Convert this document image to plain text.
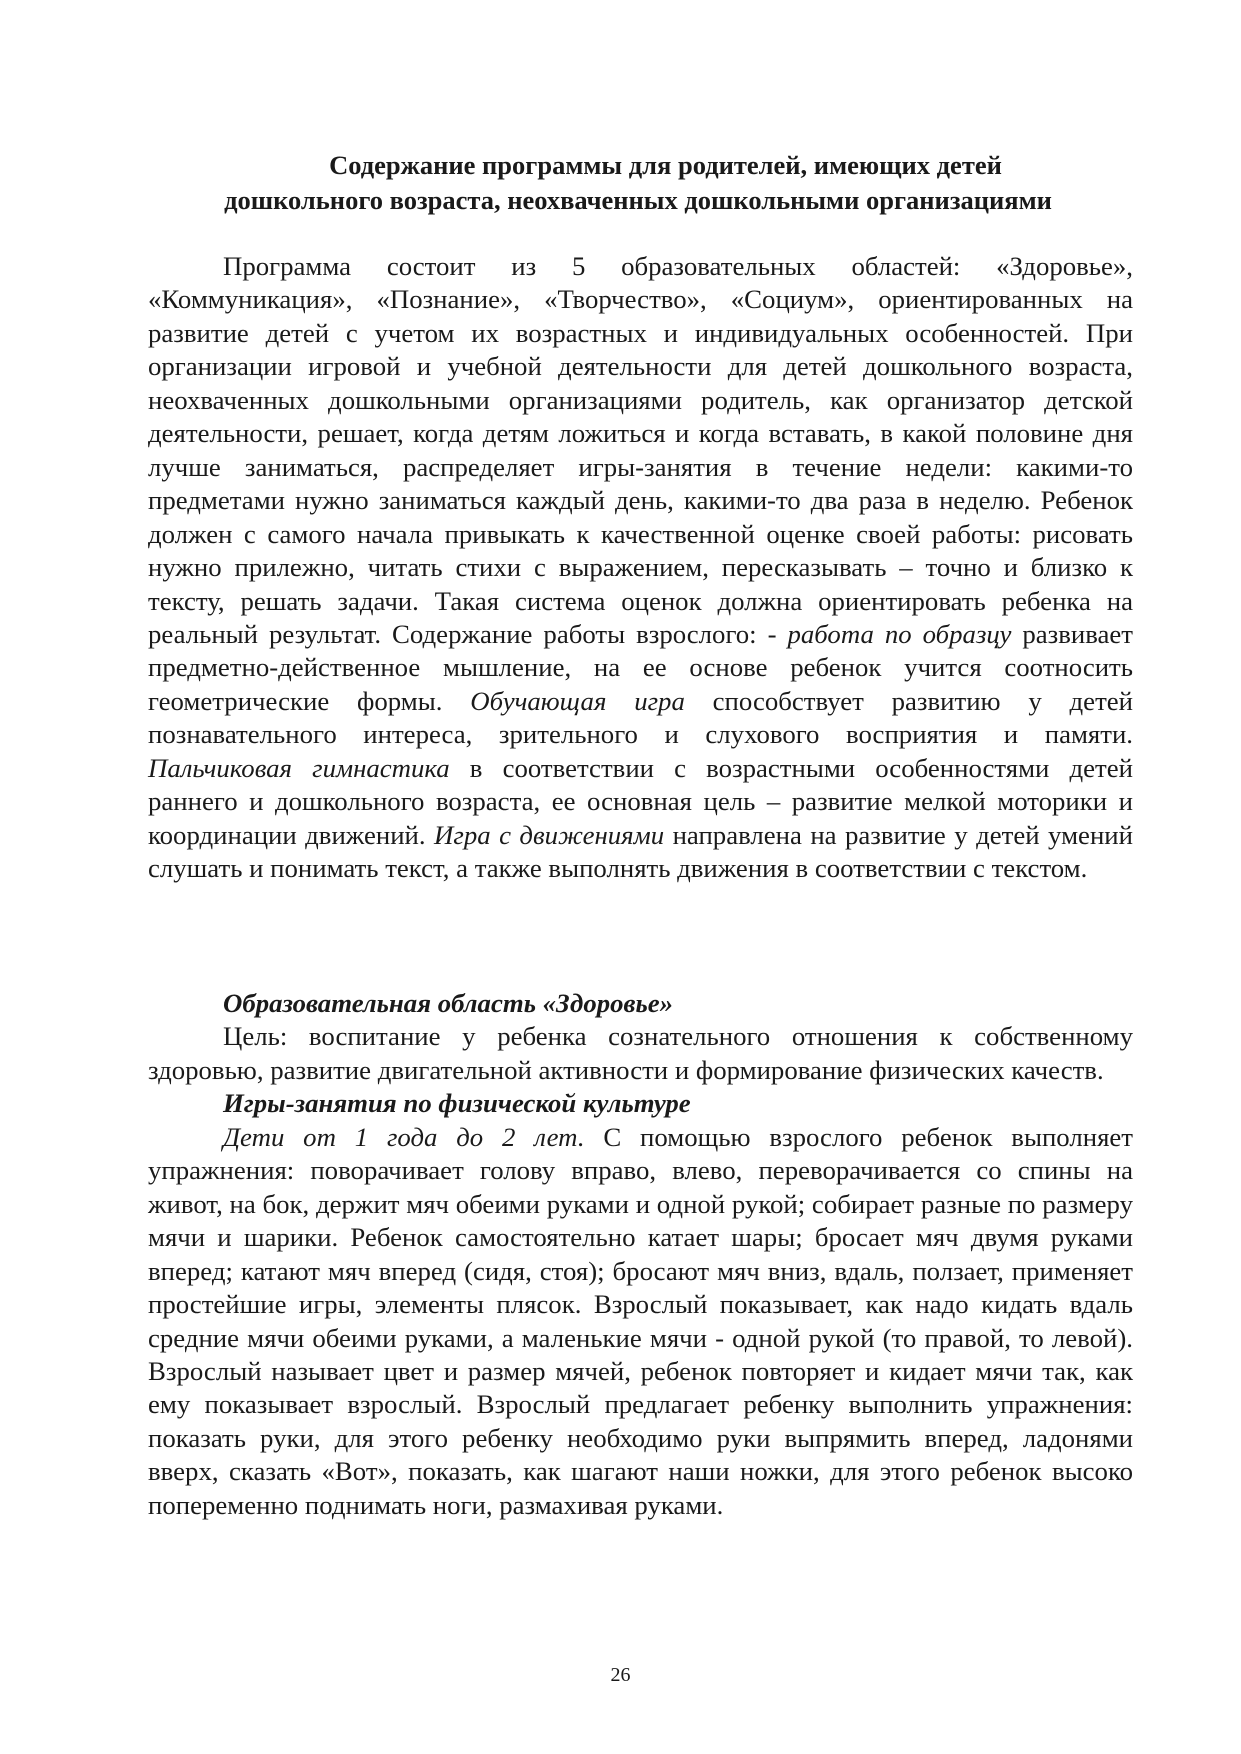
Содержание программы для родителей, имеющих детей
дошкольного возраста, неохваченных дошкольными организациями

Программа состоит из 5 образовательных областей: «Здоровье», «Коммуникация», «Познание», «Творчество», «Социум», ориентированных на развитие детей с учетом их возрастных и индивидуальных особенностей. При организации игровой и учебной деятельности для детей дошкольного возраста, неохваченных дошкольными организациями родитель, как организатор детской деятельности, решает, когда детям ложиться и когда вставать, в какой половине дня лучше заниматься, распределяет игры-занятия в течение недели: какими-то предметами нужно заниматься каждый день, какими-то два раза в неделю. Ребенок должен с самого начала привыкать к качественной оценке своей работы: рисовать нужно прилежно, читать стихи с выражением, пересказывать – точно и близко к тексту, решать задачи. Такая система оценок должна ориентировать ребенка на реальный результат. Содержание работы взрослого: - работа по образцу развивает предметно-действенное мышление, на ее основе ребенок учится соотносить геометрические формы. Обучающая игра способствует развитию у детей познавательного интереса, зрительного и слухового восприятия и памяти. Пальчиковая гимнастика в соответствии с возрастными особенностями детей раннего и дошкольного возраста, ее основная цель – развитие мелкой моторики и координации движений. Игра с движениями направлена на развитие у детей умений слушать и понимать текст, а также выполнять движения в соответствии с текстом.

Образовательная область «Здоровье»

Цель: воспитание у ребенка сознательного отношения к собственному здоровью, развитие двигательной активности и формирование физических качеств.

Игры-занятия по физической культуре

Дети от 1 года до 2 лет. С помощью взрослого ребенок выполняет упражнения: поворачивает голову вправо, влево, переворачивается со спины на живот, на бок, держит мяч обеими руками и одной рукой; собирает разные по размеру мячи и шарики. Ребенок самостоятельно катает шары; бросает мяч двумя руками вперед; катают мяч вперед (сидя, стоя); бросают мяч вниз, вдаль, ползает, применяет простейшие игры, элементы плясок. Взрослый показывает, как надо кидать вдаль средние мячи обеими руками, а маленькие мячи - одной рукой (то правой, то левой). Взрослый называет цвет и размер мячей, ребенок повторяет и кидает мячи так, как ему показывает взрослый. Взрослый предлагает ребенку выполнить упражнения: показать руки, для этого ребенку необходимо руки выпрямить вперед, ладонями вверх, сказать «Вот», показать, как шагают наши ножки, для этого ребенок высоко попеременно поднимать ноги, размахивая руками.

26
